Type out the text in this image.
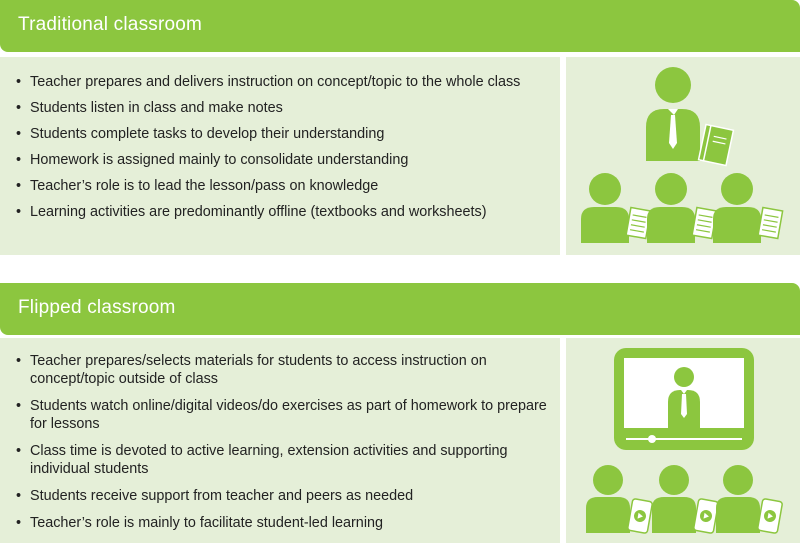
Traditional classroom
• Teacher prepares and delivers instruction on concept/topic to the whole class
• Students listen in class and make notes
• Students complete tasks to develop their understanding
• Homework is assigned mainly to consolidate understanding
• Teacher’s role is to lead the lesson/pass on knowledge
• Learning activities are predominantly offline (textbooks and worksheets)
Flipped classroom
• Teacher prepares/selects materials for students to access instruction on concept/topic outside of class
• Students watch online/digital videos/do exercises as part of homework to prepare for lessons
• Class time is devoted to active learning, extension activities and supporting individual students
• Students receive support from teacher and peers as needed
• Teacher’s role is mainly to facilitate student-led learning
